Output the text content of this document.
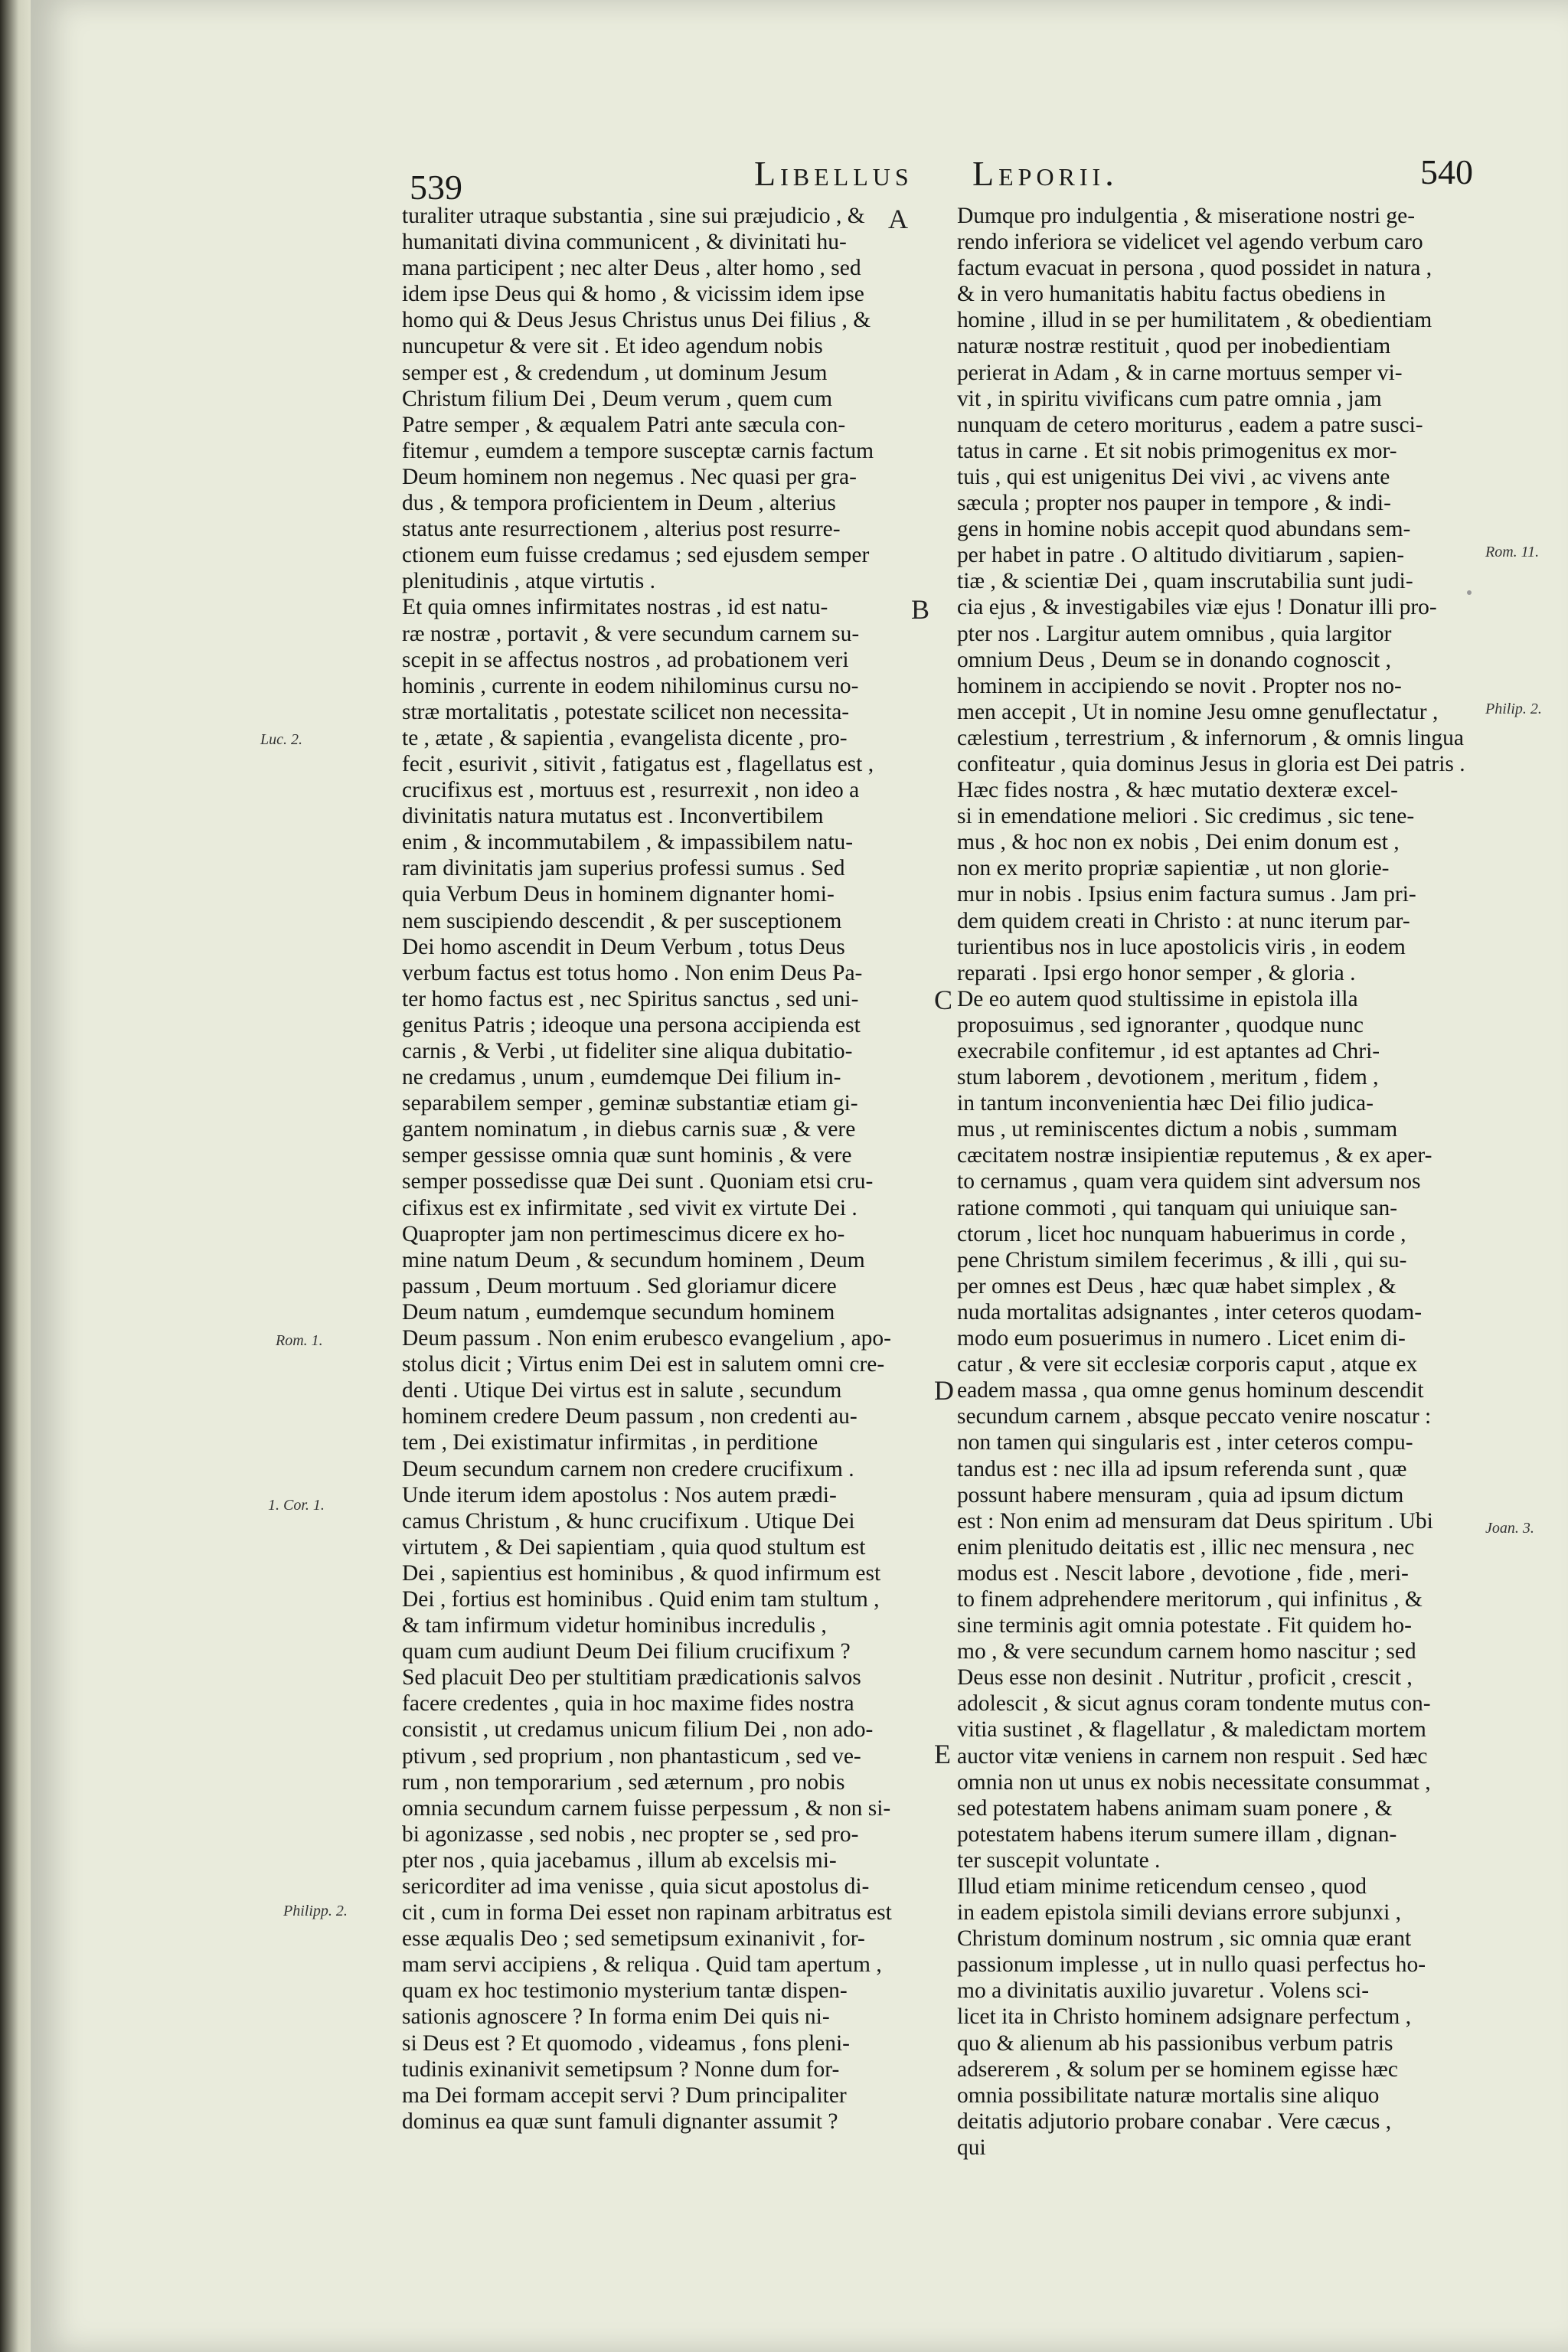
539	Libellus Leporii.	540
turaliter utraque substantia , sine sui præjudicio , &
humanitati divina communicent , & divinitati hu-
mana participent ; nec alter Deus , alter homo , sed
idem ipse Deus qui & homo , & vicissim idem ipse
homo qui & Deus Jesus Christus unus Dei filius , &
nuncupetur & vere sit . Et ideo agendum nobis
semper est , & credendum , ut dominum Jesum
Christum filium Dei , Deum verum , quem cum
Patre semper , & æqualem Patri ante sæcula con-
fitemur , eumdem a tempore susceptæ carnis factum
Deum hominem non negemus . Nec quasi per gra-
dus , & tempora proficientem in Deum , alterius
status ante resurrectionem , alterius post resurre-
ctionem eum fuisse credamus ; sed ejusdem semper
plenitudinis , atque virtutis .
Et quia omnes infirmitates nostras , id est natu-
ræ nostræ , portavit , & vere secundum carnem su-
scepit in se affectus nostros , ad probationem veri
hominis , currente in eodem nihilominus cursu no-
stræ mortalitatis , potestate scilicet non necessita-
te , ætate , & sapientia , evangelista dicente , pro-
fecit , esurivit , sitivit , fatigatus est , flagellatus est ,
crucifixus est , mortuus est , resurrexit , non ideo a
divinitatis natura mutatus est . Inconvertibilem
enim , & incommutabilem , & impassibilem natu-
ram divinitatis jam superius professi sumus . Sed
quia Verbum Deus in hominem dignanter homi-
nem suscipiendo descendit , & per susceptionem
Dei homo ascendit in Deum Verbum , totus Deus
verbum factus est totus homo . Non enim Deus Pa-
ter homo factus est , nec Spiritus sanctus , sed uni-
genitus Patris ; ideoque una persona accipienda est
carnis , & Verbi , ut fideliter sine aliqua dubitatio-
ne credamus , unum , eumdemque Dei filium in-
separabilem semper , geminæ substantiæ etiam gi-
gantem nominatum , in diebus carnis suæ , & vere
semper gessisse omnia quæ sunt hominis , & vere
semper possedisse quæ Dei sunt . Quoniam etsi cru-
cifixus est ex infirmitate , sed vivit ex virtute Dei .
Quapropter jam non pertimescimus dicere ex ho-
mine natum Deum , & secundum hominem , Deum
passum , Deum mortuum . Sed gloriamur dicere
Deum natum , eumdemque secundum hominem
Deum passum . Non enim erubesco evangelium , apo-
stolus dicit ; Virtus enim Dei est in salutem omni cre-
denti . Utique Dei virtus est in salute , secundum
hominem credere Deum passum , non credenti au-
tem , Dei existimatur infirmitas , in perditione
Deum secundum carnem non credere crucifixum .
Unde iterum idem apostolus : Nos autem prædi-
camus Christum , & hunc crucifixum . Utique Dei
virtutem , & Dei sapientiam , quia quod stultum est
Dei , sapientius est hominibus , & quod infirmum est
Dei , fortius est hominibus . Quid enim tam stultum ,
& tam infirmum videtur hominibus incredulis ,
quam cum audiunt Deum Dei filium crucifixum ?
Sed placuit Deo per stultitiam prædicationis salvos
facere credentes , quia in hoc maxime fides nostra
consistit , ut credamus unicum filium Dei , non ado-
ptivum , sed proprium , non phantasticum , sed ve-
rum , non temporarium , sed æternum , pro nobis
omnia secundum carnem fuisse perpessum , & non si-
bi agonizasse , sed nobis , nec propter se , sed pro-
pter nos , quia jacebamus , illum ab excelsis mi-
sericorditer ad ima venisse , quia sicut apostolus di-
cit , cum in forma Dei esset non rapinam arbitratus est
esse æqualis Deo ; sed semetipsum exinanivit , for-
mam servi accipiens , & reliqua . Quid tam apertum ,
quam ex hoc testimonio mysterium tantæ dispen-
sationis agnoscere ? In forma enim Dei quis ni-
si Deus est ? Et quomodo , videamus , fons pleni-
tudinis exinanivit semetipsum ? Nonne dum for-
ma Dei formam accepit servi ? Dum principaliter
dominus ea quæ sunt famuli dignanter assumit ?
Dumque pro indulgentia , & miseratione nostri ge-
rendo inferiora se videlicet vel agendo verbum caro
factum evacuat in persona , quod possidet in natura ,
& in vero humanitatis habitu factus obediens in
homine , illud in se per humilitatem , & obedientiam
naturæ nostræ restituit , quod per inobedientiam
perierat in Adam , & in carne mortuus semper vi-
vit , in spiritu vivificans cum patre omnia , jam
nunquam de cetero moriturus , eadem a patre susci-
tatus in carne . Et sit nobis primogenitus ex mor-
tuis , qui est unigenitus Dei vivi , ac vivens ante
sæcula ; propter nos pauper in tempore , & indi-
gens in homine nobis accepit quod abundans sem-
per habet in patre . O altitudo divitiarum , sapien-
tiæ , & scientiæ Dei , quam inscrutabilia sunt judi-
cia ejus , & investigabiles viæ ejus ! Donatur illi pro-
pter nos . Largitur autem omnibus , quia largitor
omnium Deus , Deum se in donando cognoscit ,
hominem in accipiendo se novit . Propter nos no-
men accepit , Ut in nomine Jesu omne genuflectatur ,
cælestium , terrestrium , & infernorum , & omnis lingua
confiteatur , quia dominus Jesus in gloria est Dei patris .
Hæc fides nostra , & hæc mutatio dexteræ excel-
si in emendatione meliori . Sic credimus , sic tene-
mus , & hoc non ex nobis , Dei enim donum est ,
non ex merito propriæ sapientiæ , ut non glorie-
mur in nobis . Ipsius enim factura sumus . Jam pri-
dem quidem creati in Christo : at nunc iterum par-
turientibus nos in luce apostolicis viris , in eodem
reparati . Ipsi ergo honor semper , & gloria .
De eo autem quod stultissime in epistola illa
proposuimus , sed ignoranter , quodque nunc
execrabile confitemur , id est aptantes ad Chri-
stum laborem , devotionem , meritum , fidem ,
in tantum inconvenientia hæc Dei filio judica-
mus , ut reminiscentes dictum a nobis , summam
cæcitatem nostræ insipientiæ reputemus , & ex aper-
to cernamus , quam vera quidem sint adversum nos
ratione commoti , qui tanquam qui uniuique san-
ctorum , licet hoc nunquam habuerimus in corde ,
pene Christum similem fecerimus , & illi , qui su-
per omnes est Deus , hæc quæ habet simplex , &
nuda mortalitas adsignantes , inter ceteros quodam-
modo eum posuerimus in numero . Licet enim di-
catur , & vere sit ecclesiæ corporis caput , atque ex
eadem massa , qua omne genus hominum descendit
secundum carnem , absque peccato venire noscatur :
non tamen qui singularis est , inter ceteros compu-
tandus est : nec illa ad ipsum referenda sunt , quæ
possunt habere mensuram , quia ad ipsum dictum
est : Non enim ad mensuram dat Deus spiritum . Ubi
enim plenitudo deitatis est , illic nec mensura , nec
modus est . Nescit labore , devotione , fide , meri-
to finem adprehendere meritorum , qui infinitus , &
sine terminis agit omnia potestate . Fit quidem ho-
mo , & vere secundum carnem homo nascitur ; sed
Deus esse non desinit . Nutritur , proficit , crescit ,
adolescit , & sicut agnus coram tondente mutus con-
vitia sustinet , & flagellatur , & maledictam mortem
auctor vitæ veniens in carnem non respuit . Sed hæc
omnia non ut unus ex nobis necessitate consummat ,
sed potestatem habens animam suam ponere , &
potestatem habens iterum sumere illam , dignan-
ter suscepit voluntate .
Illud etiam minime reticendum censeo , quod
in eadem epistola simili devians errore subjunxi ,
Christum dominum nostrum , sic omnia quæ erant
passionum implesse , ut in nullo quasi perfectus ho-
mo a divinitatis auxilio juvaretur . Volens sci-
licet ita in Christo hominem adsignare perfectum ,
quo & alienum ab his passionibus verbum patris
adsererem , & solum per se hominem egisse hæc
omnia possibilitate naturæ mortalis sine aliquo
deitatis adjutorio probare conabar . Vere cæcus ,
qui
A
B
C
D
E
Luc. 2.
Rom. 1.
1. Cor. 1.
Philipp. 2.
Rom. 11.
Philip. 2.
Joan. 3.
